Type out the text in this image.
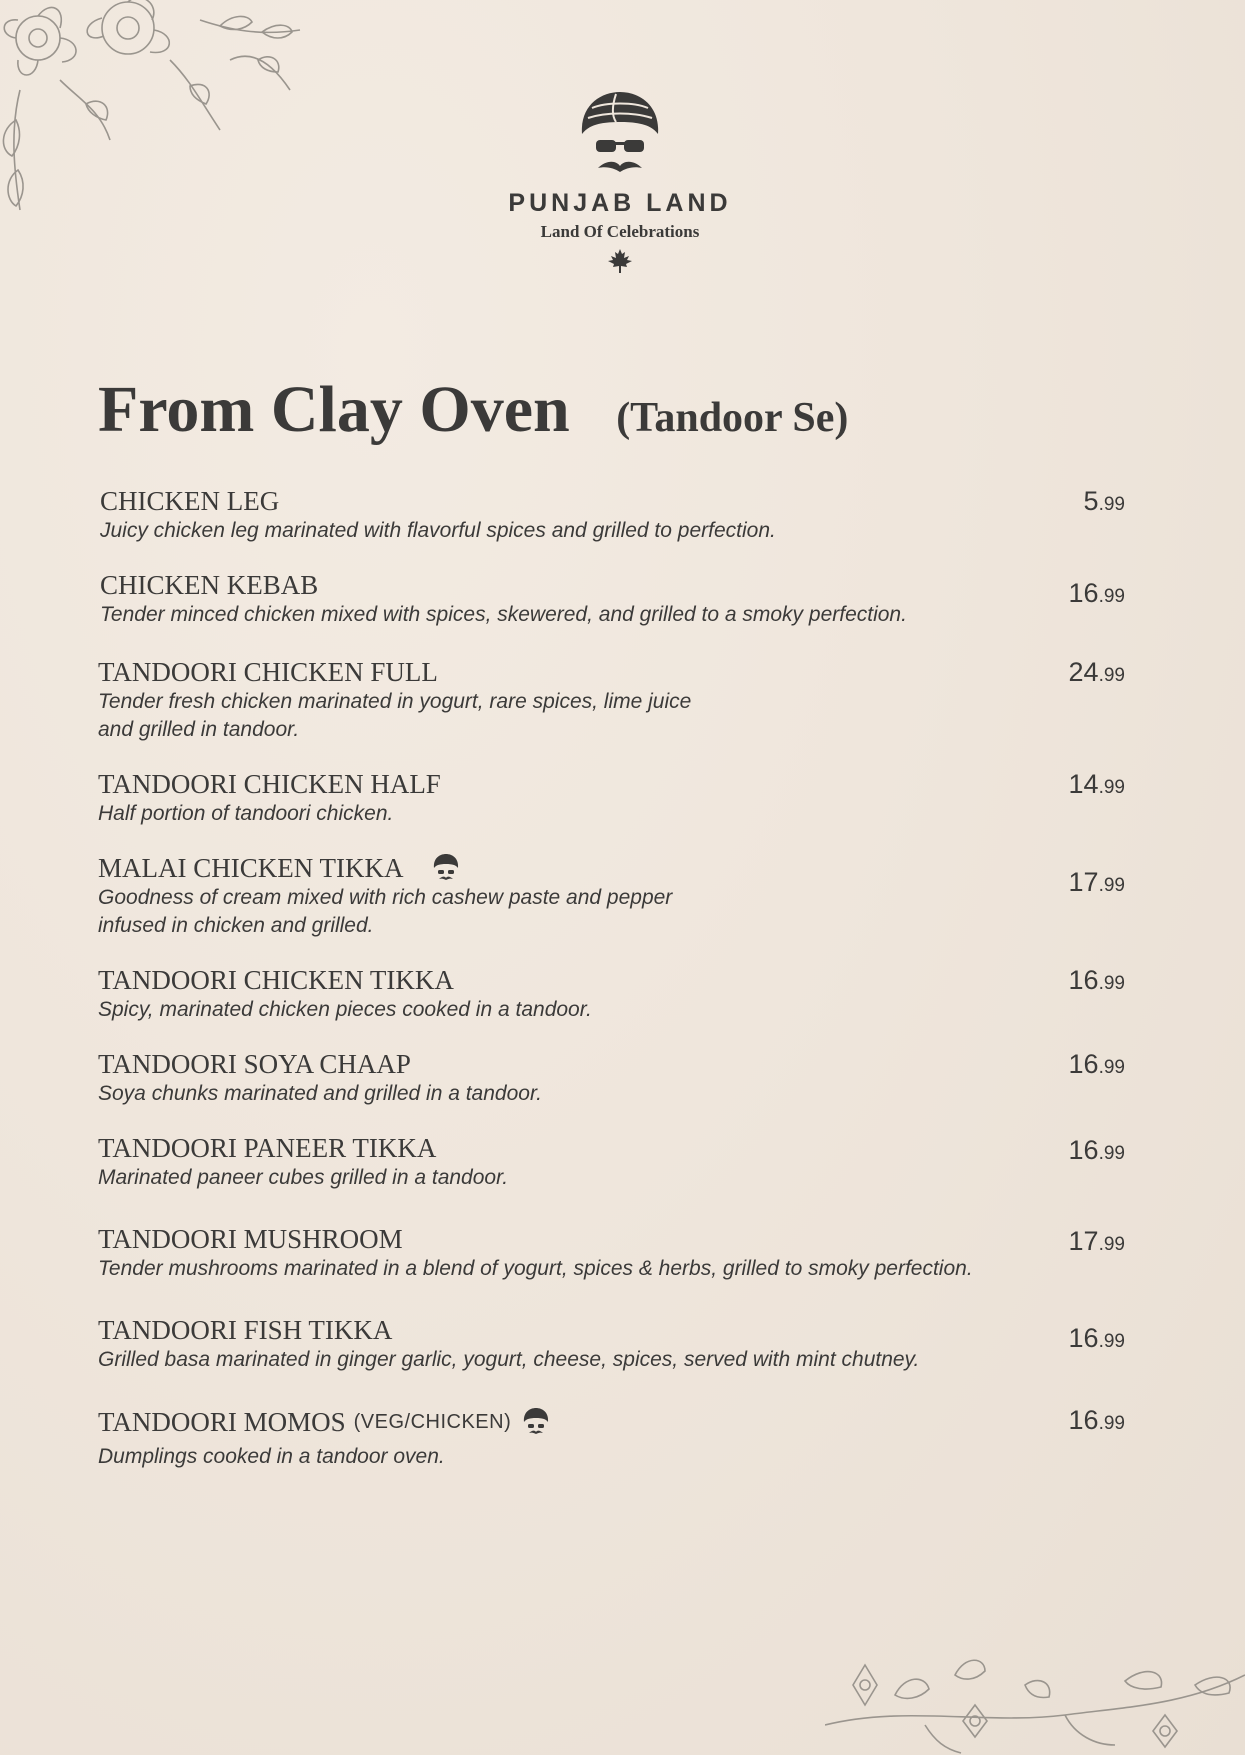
PUNJAB LAND
Land Of Celebrations
From Clay Oven (Tandoor Se)
CHICKEN LEG
Juicy chicken leg marinated with flavorful spices and grilled to perfection.
5.99
CHICKEN KEBAB
Tender minced chicken mixed with spices, skewered, and grilled to a smoky perfection.
16.99
TANDOORI CHICKEN FULL
Tender fresh chicken marinated in yogurt, rare spices, lime juice
and grilled in tandoor.
24.99
TANDOORI CHICKEN HALF
Half portion of tandoori chicken.
14.99
MALAI CHICKEN TIKKA
Goodness of cream mixed with rich cashew paste and pepper
infused in chicken and grilled.
17.99
TANDOORI CHICKEN TIKKA
Spicy, marinated chicken pieces cooked in a tandoor.
16.99
TANDOORI SOYA CHAAP
Soya chunks marinated and grilled in a tandoor.
16.99
TANDOORI PANEER TIKKA
Marinated paneer cubes grilled in a tandoor.
16.99
TANDOORI MUSHROOM
Tender mushrooms marinated in a blend of yogurt, spices & herbs, grilled to smoky perfection.
17.99
TANDOORI FISH TIKKA
Grilled basa marinated in ginger garlic, yogurt, cheese, spices, served with mint chutney.
16.99
TANDOORI MOMOS (VEG/CHICKEN)
Dumplings cooked in a tandoor oven.
16.99
